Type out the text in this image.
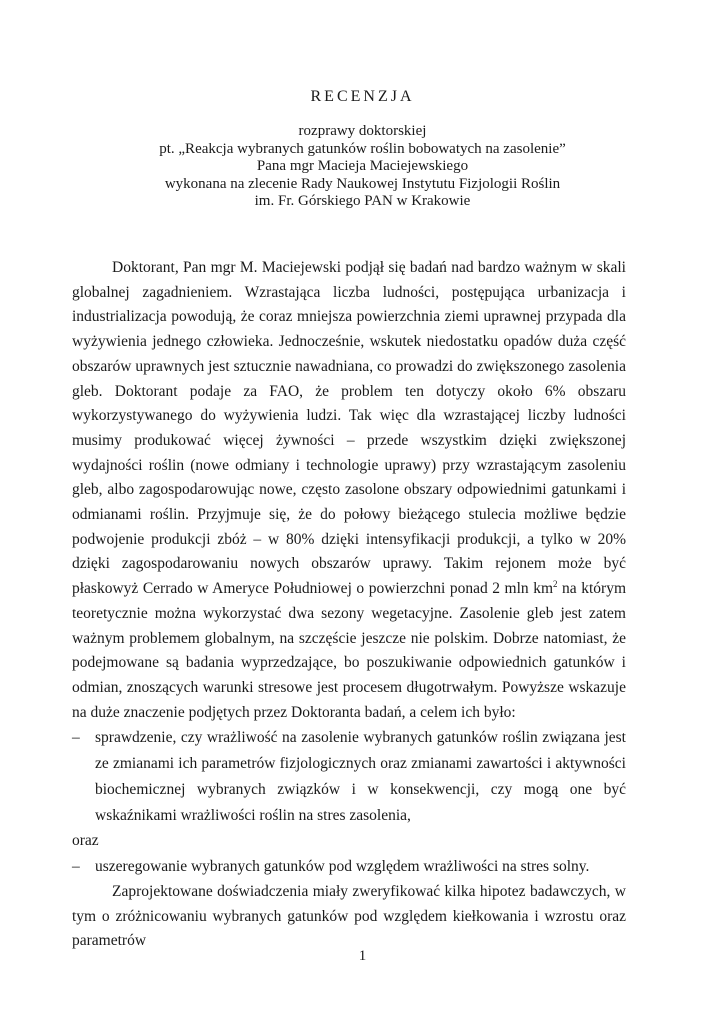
RECENZJA
rozprawy doktorskiej
pt. „Reakcja wybranych gatunków roślin bobowatych na zasolenie”
Pana mgr Macieja Maciejewskiego
wykonana na zlecenie Rady Naukowej Instytutu Fizjologii Roślin
im. Fr. Górskiego PAN w Krakowie

Doktorant, Pan mgr M. Maciejewski podjął się badań nad bardzo ważnym w skali globalnej zagadnieniem. Wzrastająca liczba ludności, postępująca urbanizacja i industrializacja powodują, że coraz mniejsza powierzchnia ziemi uprawnej przypada dla wyżywienia jednego człowieka. Jednocześnie, wskutek niedostatku opadów duża część obszarów uprawnych jest sztucznie nawadniana, co prowadzi do zwiększonego zasolenia gleb. Doktorant podaje za FAO, że problem ten dotyczy około 6% obszaru wykorzystywanego do wyżywienia ludzi. Tak więc dla wzrastającej liczby ludności musimy produkować więcej żywności – przede wszystkim dzięki zwiększonej wydajności roślin (nowe odmiany i technologie uprawy) przy wzrastającym zasoleniu gleb, albo zagospodarowując nowe, często zasolone obszary odpowiednimi gatunkami i odmianami roślin. Przyjmuje się, że do połowy bieżącego stulecia możliwe będzie podwojenie produkcji zbóż – w 80% dzięki intensyfikacji produkcji, a tylko w 20% dzięki zagospodarowaniu nowych obszarów uprawy. Takim rejonem może być płaskowyż Cerrado w Ameryce Południowej o powierzchni ponad 2 mln $km^2$ na którym teoretycznie można wykorzystać dwa sezony wegetacyjne. Zasolenie gleb jest zatem ważnym problemem globalnym, na szczęście jeszcze nie polskim. Dobrze natomiast, że podejmowane są badania wyprzedzające, bo poszukiwanie odpowiednich gatunków i odmian, znoszących warunki stresowe jest procesem długotrwałym. Powyższe wskazuje na duże znaczenie podjętych przez Doktoranta badań, a celem ich było:

– sprawdzenie, czy wrażliwość na zasolenie wybranych gatunków roślin związana jest ze zmianami ich parametrów fizjologicznych oraz zmianami zawartości i aktywności biochemicznej wybranych związków i w konsekwencji, czy mogą one być wskaźnikami wrażliwości roślin na stres zasolenia,

oraz

– uszeregowanie wybranych gatunków pod względem wrażliwości na stres solny.

Zaprojektowane doświadczenia miały zweryfikować kilka hipotez badawczych, w tym o zróżnicowaniu wybranych gatunków pod względem kiełkowania i wzrostu oraz parametrów

1
